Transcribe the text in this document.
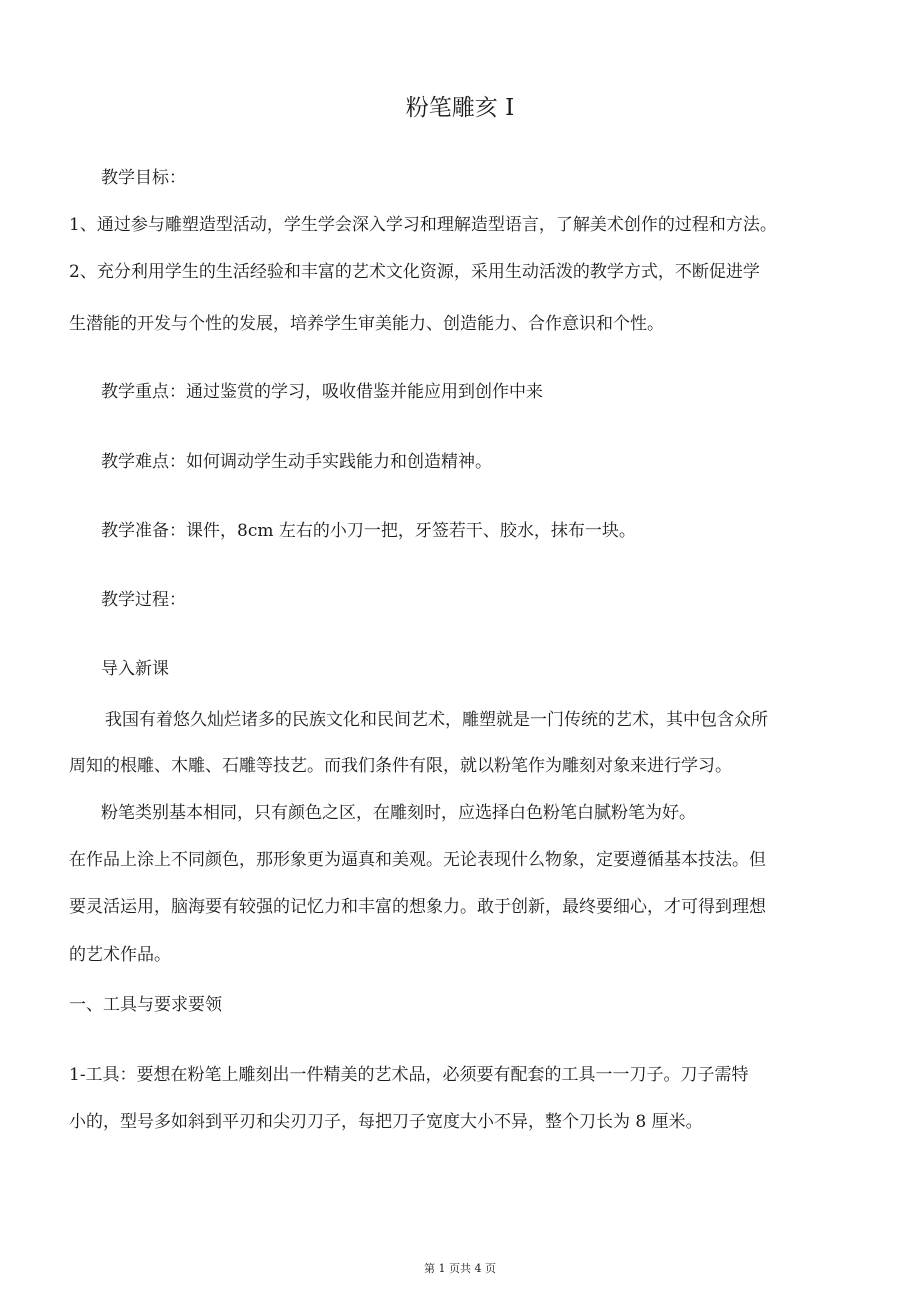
粉笔雕亥 I
教学目标：
1、通过参与雕塑造型活动，学生学会深入学习和理解造型语言，了解美术创作的过程和方法。
2、充分利用学生的生活经验和丰富的艺术文化资源，采用生动活泼的教学方式，不断促进学
生潜能的开发与个性的发展，培养学生审美能力、创造能力、合作意识和个性。
教学重点：通过鉴赏的学习，吸收借鉴并能应用到创作中来
教学难点：如何调动学生动手实践能力和创造精神。
教学准备：课件，8cm 左右的小刀一把，牙签若干、胶水，抹布一块。
教学过程：
导入新课
我国有着悠久灿烂诸多的民族文化和民间艺术，雕塑就是一门传统的艺术，其中包含众所
周知的根雕、木雕、石雕等技艺。而我们条件有限，就以粉笔作为雕刻对象来进行学习。
粉笔类别基本相同，只有颜色之区，在雕刻时，应选择白色粉笔白腻粉笔为好。
在作品上涂上不同颜色，那形象更为逼真和美观。无论表现什么物象，定要遵循基本技法。但
要灵活运用，脑海要有较强的记忆力和丰富的想象力。敢于创新，最终要细心，才可得到理想
的艺术作品。
一、工具与要求要领
1-工具：要想在粉笔上雕刻出一件精美的艺术品，必须要有配套的工具一一刀子。刀子需特
小的，型号多如斜到平刃和尖刃刀子，每把刀子宽度大小不异，整个刀长为 8 厘米。
第 1 页共 4 页
